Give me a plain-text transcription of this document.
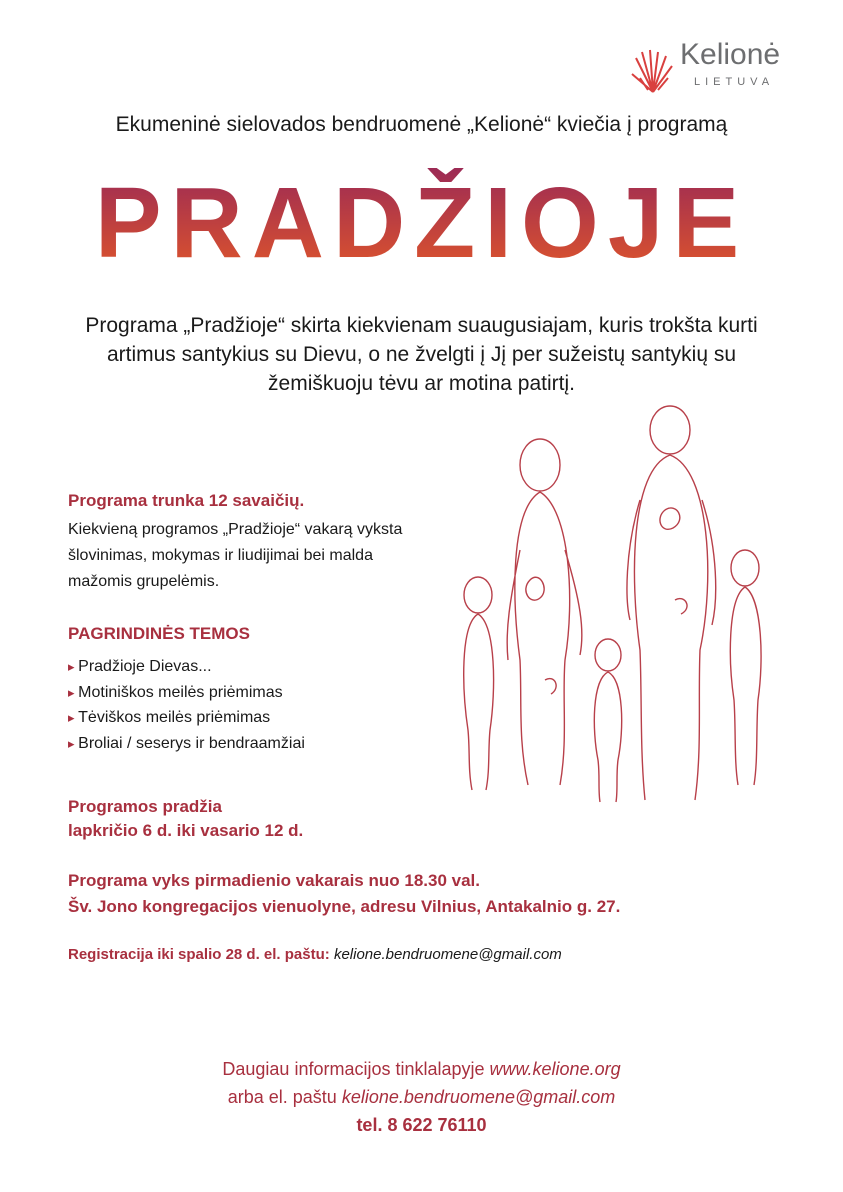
Kelionė
LIETUVA
Ekumeninė sielovados bendruomenė „Kelionė“ kviečia į programą
PRADŽIOJE
Programa „Pradžioje“ skirta kiekvienam suaugusiajam, kuris trokšta kurti artimus santykius su Dievu, o ne žvelgti į Jį per sužeistų santykių su žemiškuoju tėvu ar motina patirtį.
Programa trunka 12 savaičių.
Kiekvieną programos „Pradžioje“ vakarą vyksta šlovinimas, mokymas ir liudijimai bei malda mažomis grupelėmis.
PAGRINDINĖS TEMOS
▸ Pradžioje Dievas...
▸ Motiniškos meilės priėmimas
▸ Tėviškos meilės priėmimas
▸ Broliai / seserys ir bendraamžiai
Programos pradžia
lapkričio 6 d. iki vasario 12 d.
Programa vyks pirmadienio vakarais nuo 18.30 val.
Šv. Jono kongregacijos vienuolyne, adresu Vilnius, Antakalnio g. 27.
Registracija iki spalio 28 d. el. paštu: kelione.bendruomene@gmail.com
Daugiau informacijos tinklalapyje www.kelione.org
arba el. paštu kelione.bendruomene@gmail.com
tel. 8 622 76110
